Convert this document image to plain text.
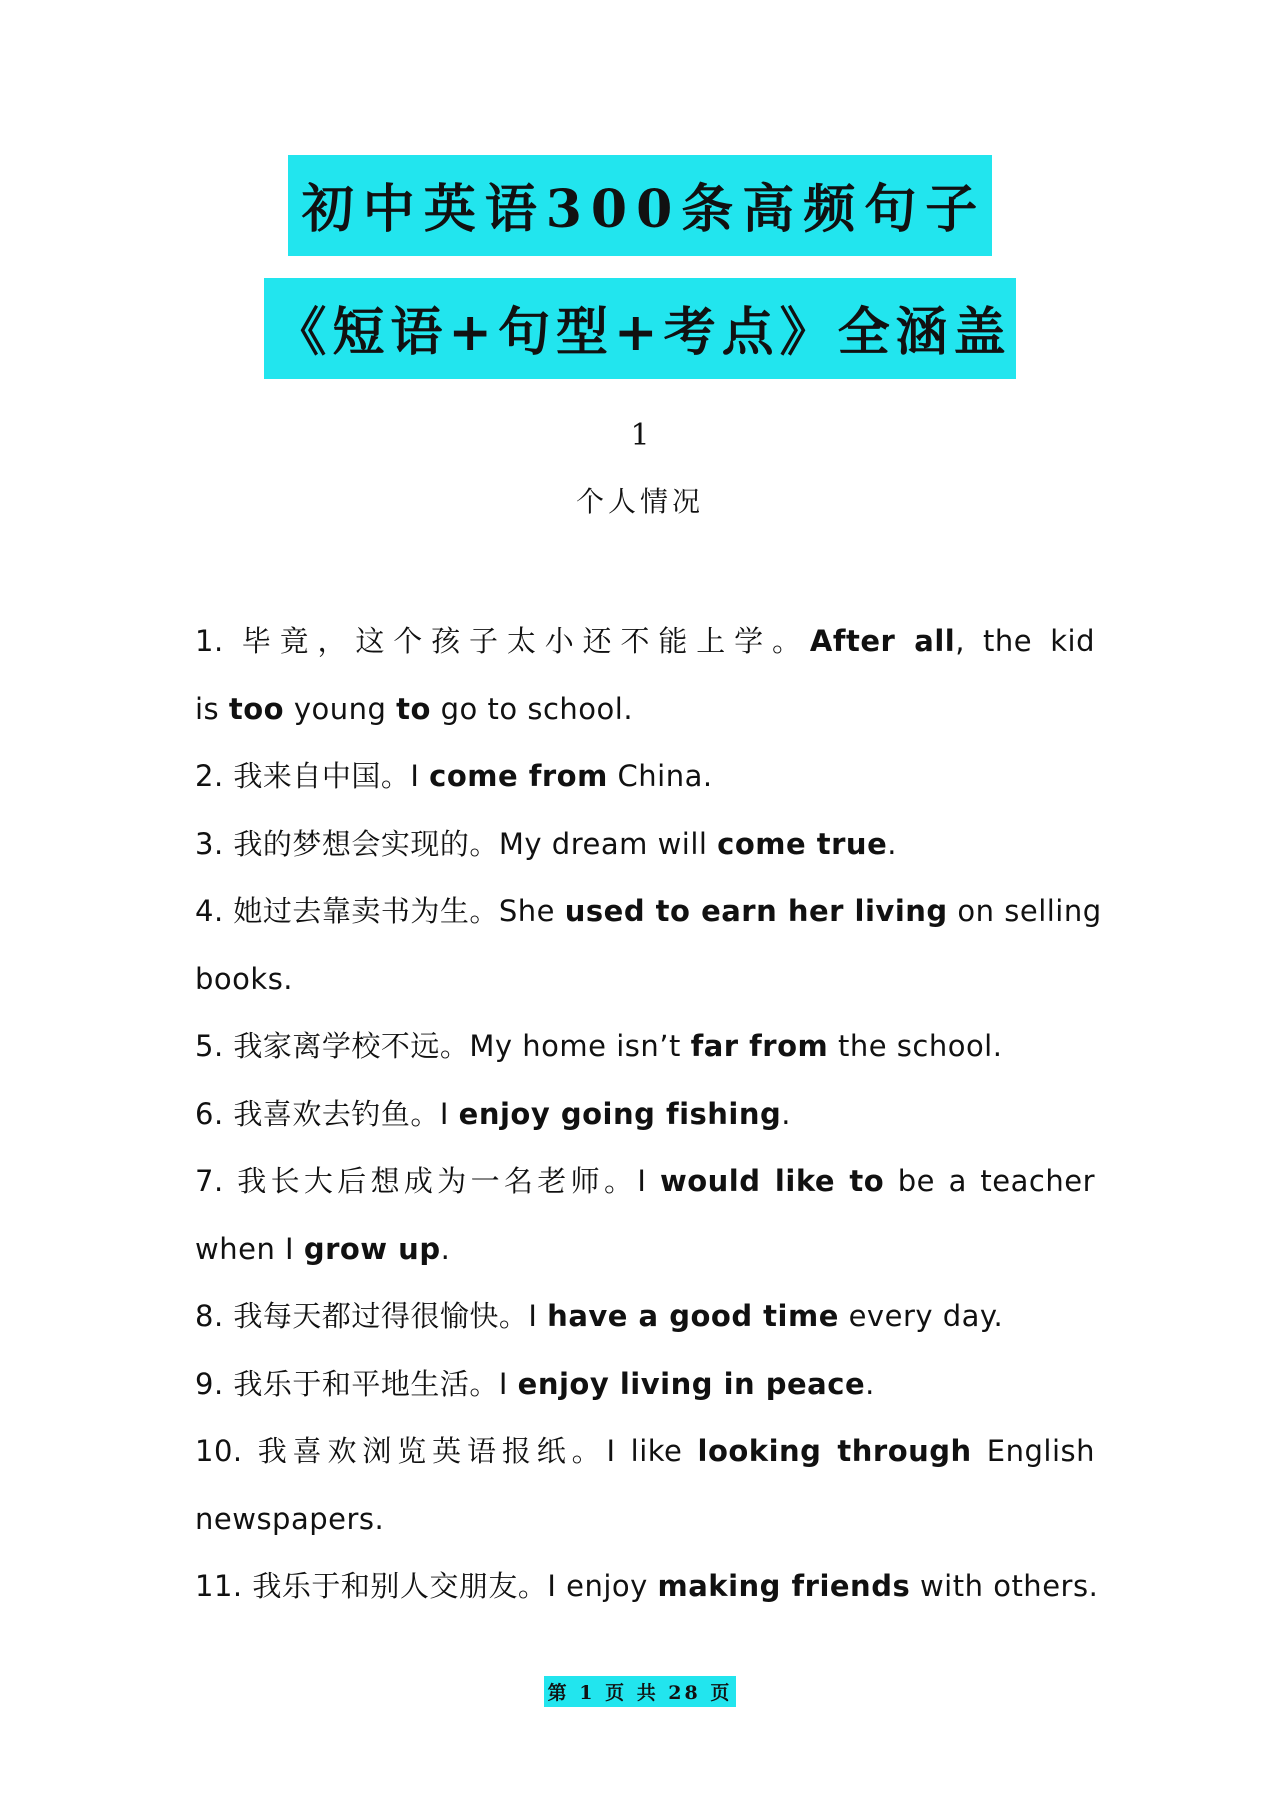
初中英语300条高频句子
《短语+句型+考点》全涵盖
1
个人情况
1. 毕竟，这个孩子太小还不能上学。After all, the kid
is too young to go to school.
2. 我来自中国。I come from China.
3. 我的梦想会实现的。My dream will come true.
4. 她过去靠卖书为生。She used to earn her living on selling
books.
5. 我家离学校不远。My home isn’t far from the school.
6. 我喜欢去钓鱼。I enjoy going fishing.
7. 我长大后想成为一名老师。I would like to be a teacher
when I grow up.
8. 我每天都过得很愉快。I have a good time every day.
9. 我乐于和平地生活。I enjoy living in peace.
10. 我喜欢浏览英语报纸。I like looking through English
newspapers.
11. 我乐于和别人交朋友。I enjoy making friends with others.
第 1 页 共 28 页
